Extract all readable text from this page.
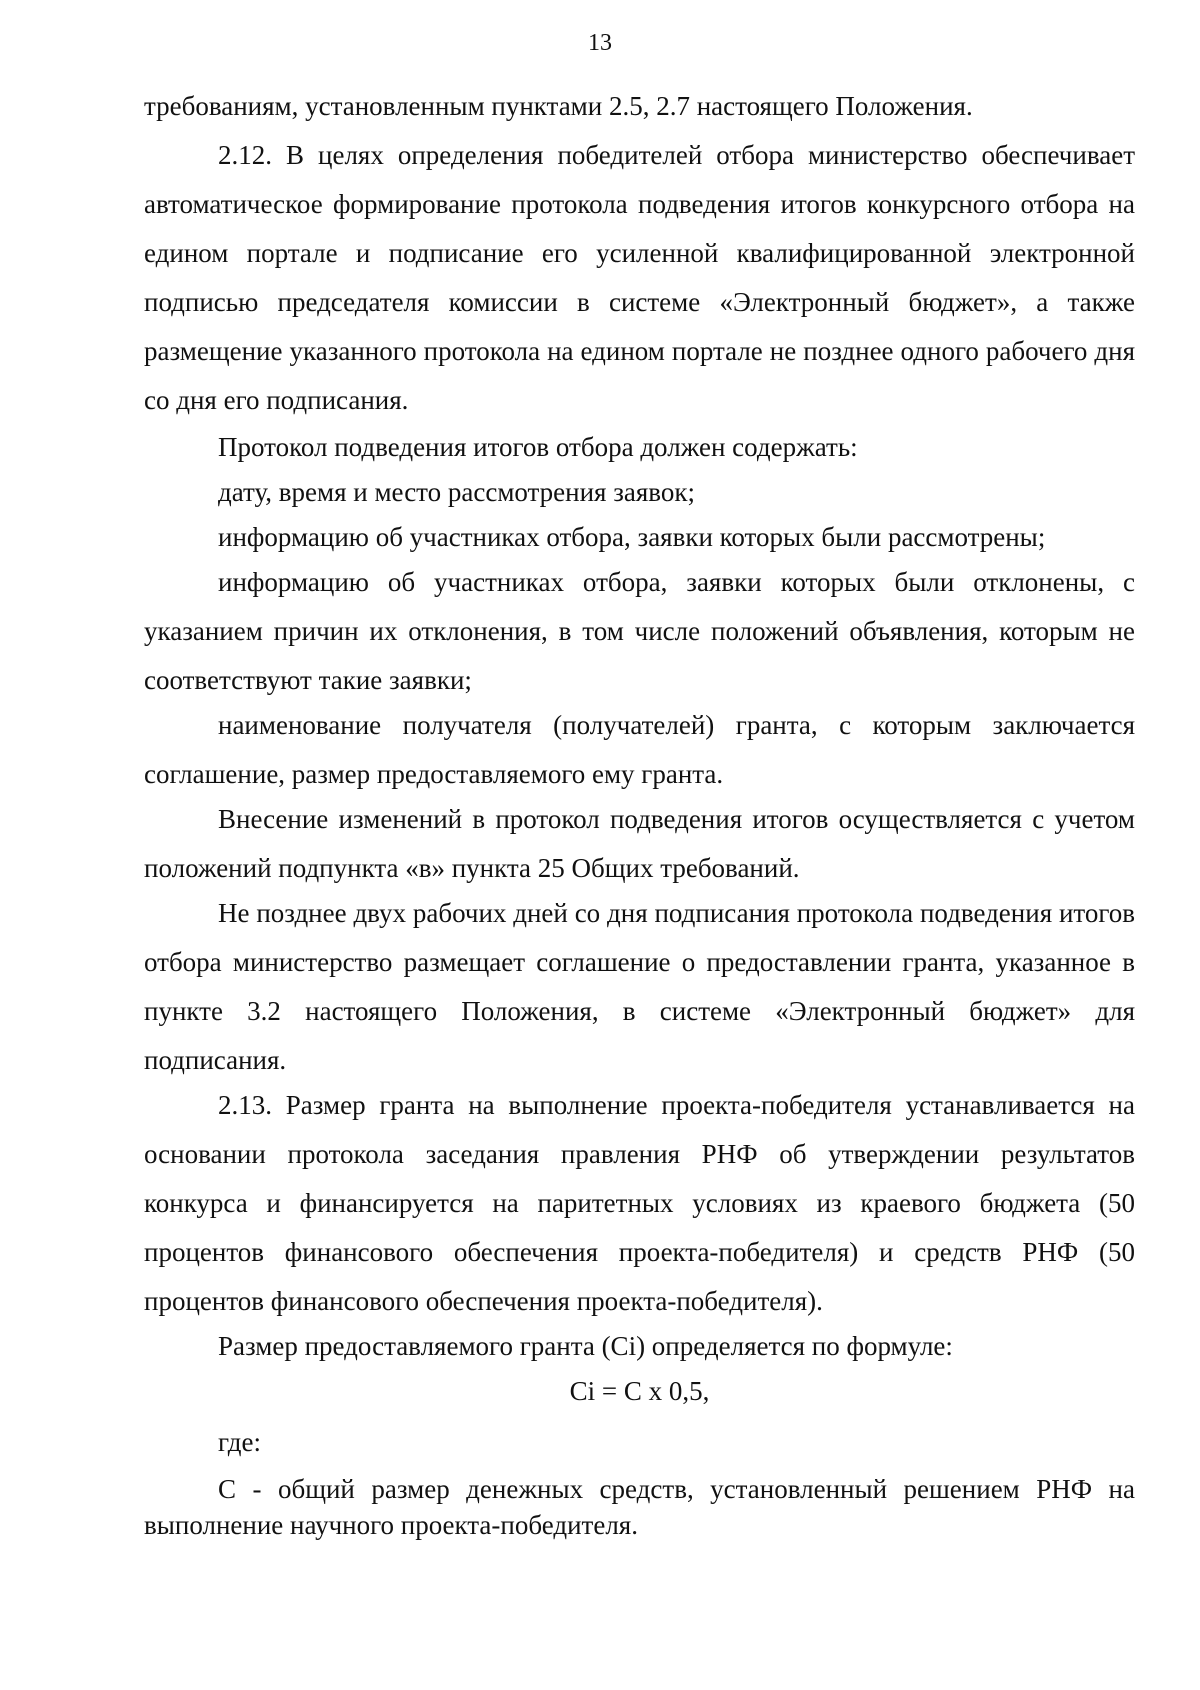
13

требованиям, установленным пунктами 2.5, 2.7 настоящего Положения.

2.12. В целях определения победителей отбора министерство обеспечивает автоматическое формирование протокола подведения итогов конкурсного отбора на едином портале и подписание его усиленной квалифицированной электронной подписью председателя комиссии в системе «Электронный бюджет», а также размещение указанного протокола на едином портале не позднее одного рабочего дня со дня его подписания.

Протокол подведения итогов отбора должен содержать:

дату, время и место рассмотрения заявок;

информацию об участниках отбора, заявки которых были рассмотрены;

информацию об участниках отбора, заявки которых были отклонены, с указанием причин их отклонения, в том числе положений объявления, которым не соответствуют такие заявки;

наименование получателя (получателей) гранта, с которым заключается соглашение, размер предоставляемого ему гранта.

Внесение изменений в протокол подведения итогов осуществляется с учетом положений подпункта «в» пункта 25 Общих требований.

Не позднее двух рабочих дней со дня подписания протокола подведения итогов отбора министерство размещает соглашение о предоставлении гранта, указанное в пункте 3.2 настоящего Положения, в системе «Электронный бюджет» для подписания.

2.13. Размер гранта на выполнение проекта-победителя устанавливается на основании протокола заседания правления РНФ об утверждении результатов конкурса и финансируется на паритетных условиях из краевого бюджета (50 процентов финансового обеспечения проекта-победителя) и средств РНФ (50 процентов финансового обеспечения проекта-победителя).

Размер предоставляемого гранта (Ci) определяется по формуле:

Ci = C x 0,5,

где:

C - общий размер денежных средств, установленный решением РНФ на выполнение научного проекта-победителя.
